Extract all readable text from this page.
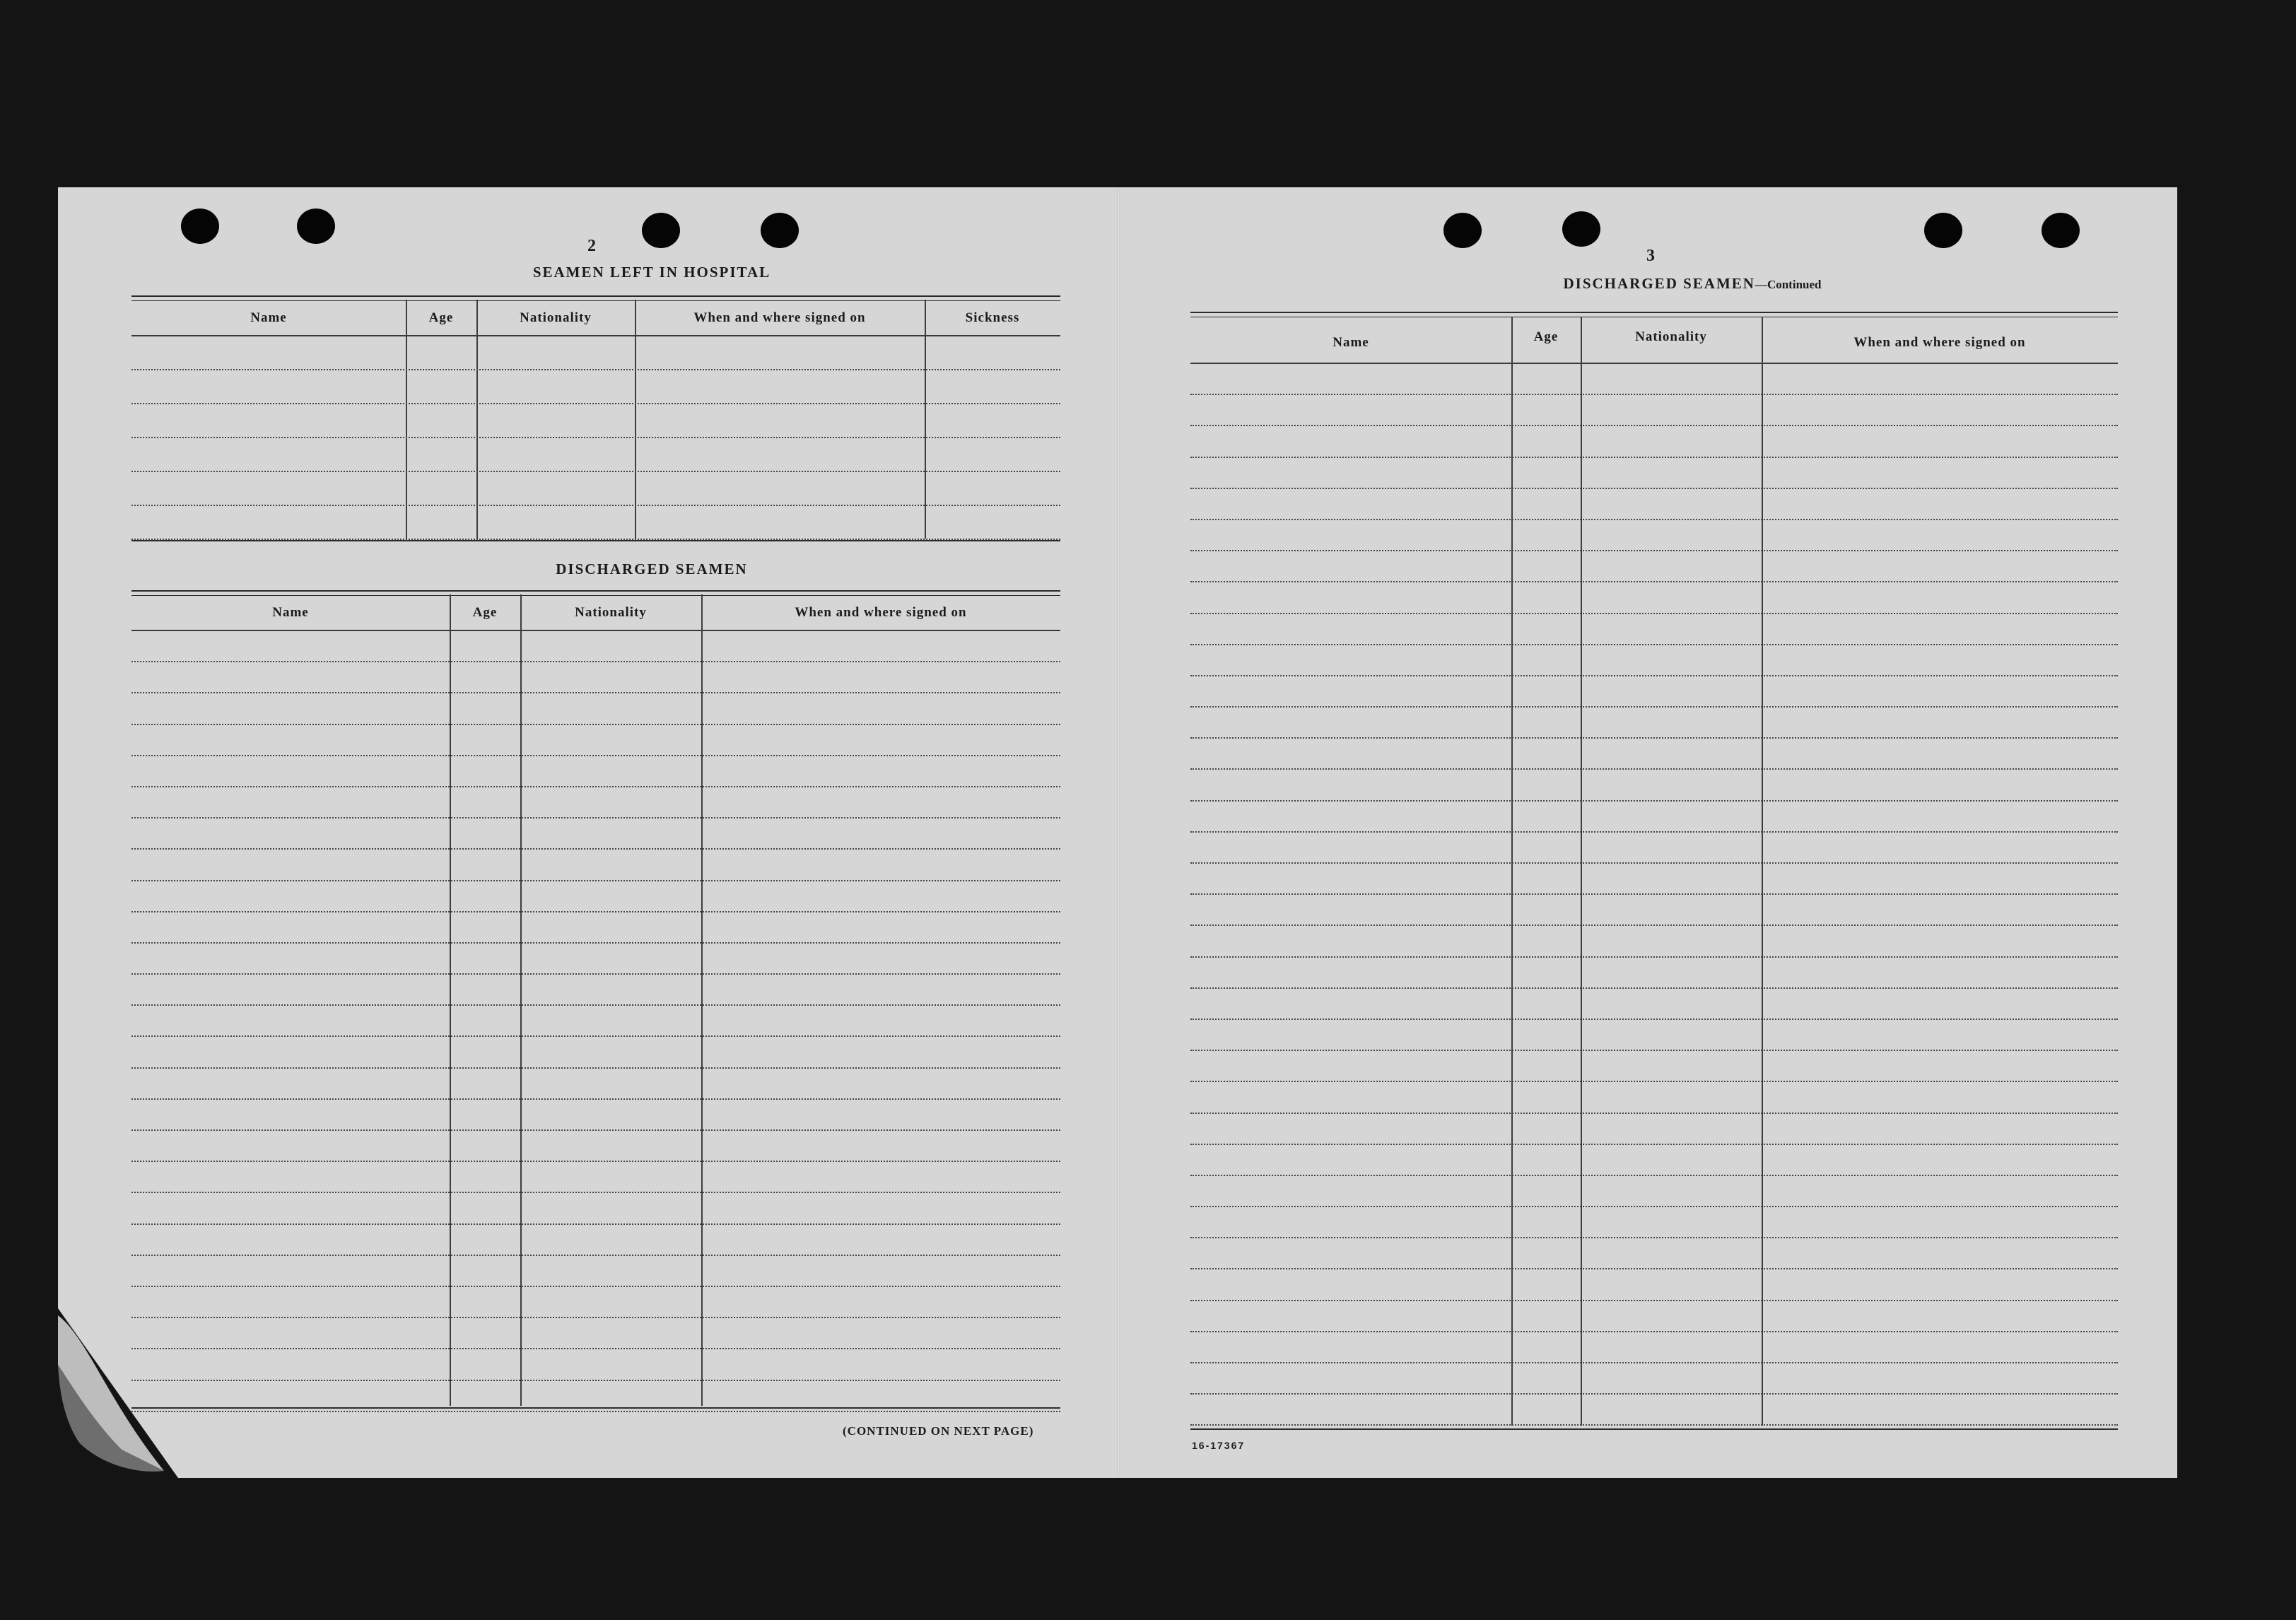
2
SEAMEN LEFT IN HOSPITAL
Name	Age	Nationality	When and where signed on	Sickness
DISCHARGED SEAMEN
Name	Age	Nationality	When and where signed on
(CONTINUED ON NEXT PAGE)
3
DISCHARGED SEAMEN—Continued
Name	Age	Nationality	When and where signed on
16-17367
